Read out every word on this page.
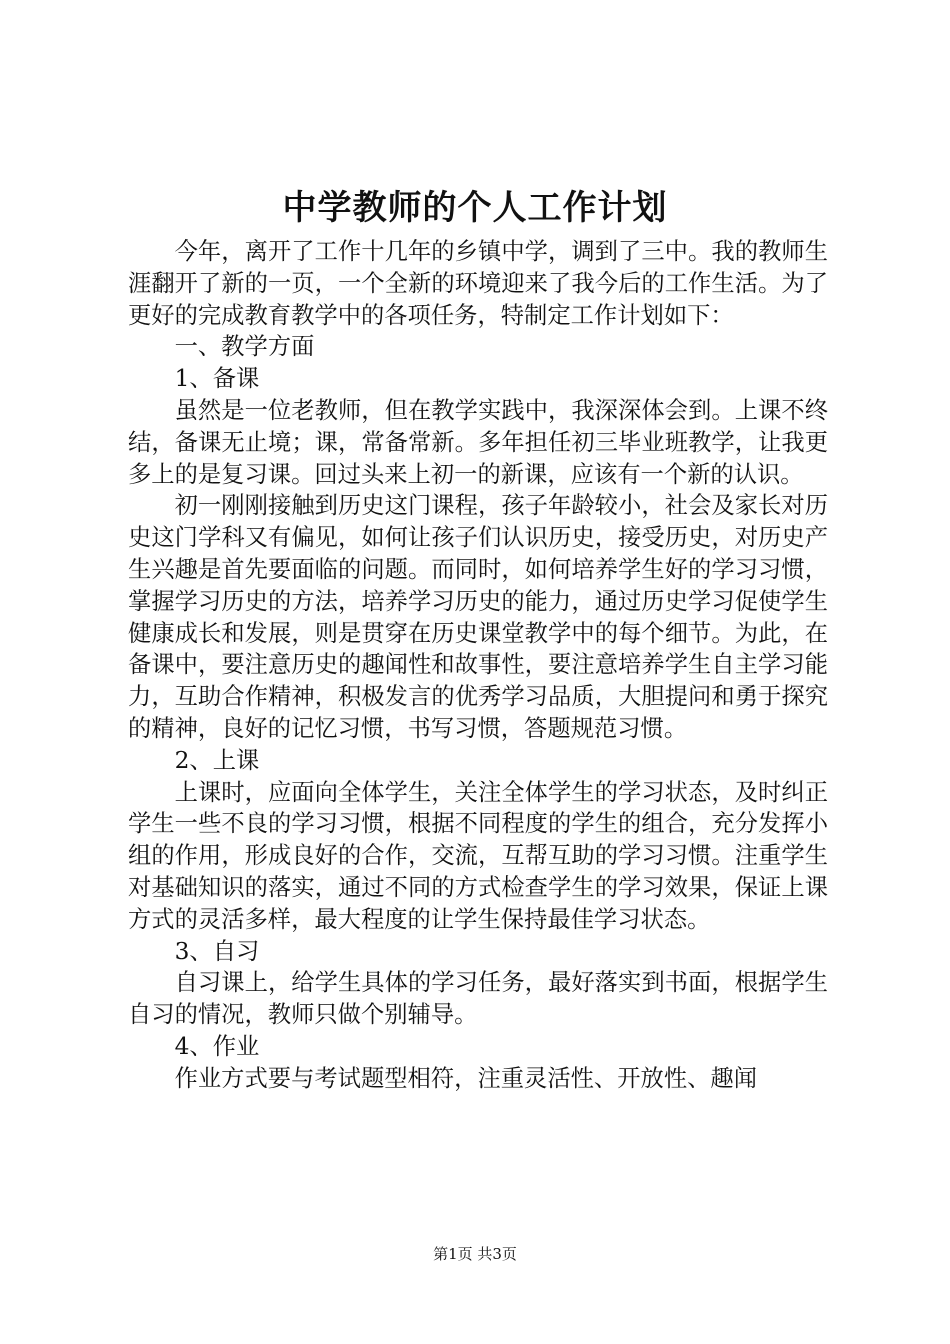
中学教师的个人工作计划

今年，离开了工作十几年的乡镇中学，调到了三中。我的教师生涯翻开了新的一页，一个全新的环境迎来了我今后的工作生活。为了更好的完成教育教学中的各项任务，特制定工作计划如下：

一、教学方面

1、备课

虽然是一位老教师，但在教学实践中，我深深体会到。上课不终结，备课无止境；课，常备常新。多年担任初三毕业班教学，让我更多上的是复习课。回过头来上初一的新课，应该有一个新的认识。

初一刚刚接触到历史这门课程，孩子年龄较小，社会及家长对历史这门学科又有偏见，如何让孩子们认识历史，接受历史，对历史产生兴趣是首先要面临的问题。而同时，如何培养学生好的学习习惯，掌握学习历史的方法，培养学习历史的能力，通过历史学习促使学生健康成长和发展，则是贯穿在历史课堂教学中的每个细节。为此，在备课中，要注意历史的趣闻性和故事性，要注意培养学生自主学习能力，互助合作精神，积极发言的优秀学习品质，大胆提问和勇于探究的精神，良好的记忆习惯，书写习惯，答题规范习惯。

2、上课

上课时，应面向全体学生，关注全体学生的学习状态，及时纠正学生一些不良的学习习惯，根据不同程度的学生的组合，充分发挥小组的作用，形成良好的合作，交流，互帮互助的学习习惯。注重学生对基础知识的落实，通过不同的方式检查学生的学习效果，保证上课方式的灵活多样，最大程度的让学生保持最佳学习状态。

3、自习

自习课上，给学生具体的学习任务，最好落实到书面，根据学生自习的情况，教师只做个别辅导。

4、作业

作业方式要与考试题型相符，注重灵活性、开放性、趣闻

第1页 共3页
